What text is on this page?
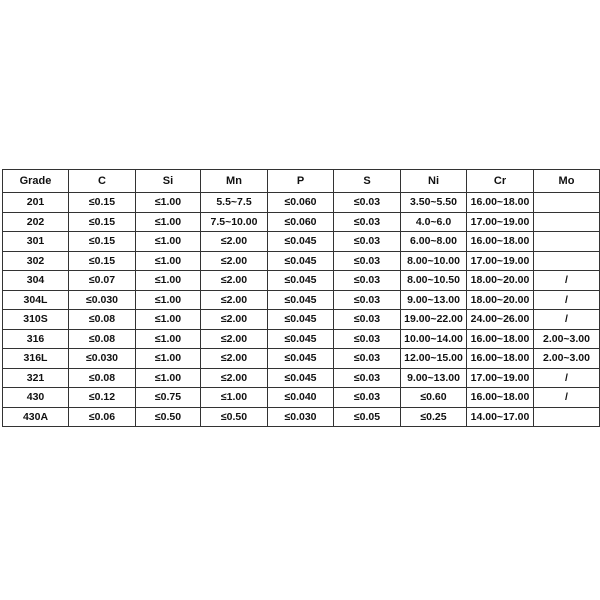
Grade	C	Si	Mn	P	S	Ni	Cr	Mo
201	≤0.15	≤1.00	5.5~7.5	≤0.060	≤0.03	3.50~5.50	16.00~18.00	
202	≤0.15	≤1.00	7.5~10.00	≤0.060	≤0.03	4.0~6.0	17.00~19.00	
301	≤0.15	≤1.00	≤2.00	≤0.045	≤0.03	6.00~8.00	16.00~18.00	
302	≤0.15	≤1.00	≤2.00	≤0.045	≤0.03	8.00~10.00	17.00~19.00	
304	≤0.07	≤1.00	≤2.00	≤0.045	≤0.03	8.00~10.50	18.00~20.00	/
304L	≤0.030	≤1.00	≤2.00	≤0.045	≤0.03	9.00~13.00	18.00~20.00	/
310S	≤0.08	≤1.00	≤2.00	≤0.045	≤0.03	19.00~22.00	24.00~26.00	/
316	≤0.08	≤1.00	≤2.00	≤0.045	≤0.03	10.00~14.00	16.00~18.00	2.00~3.00
316L	≤0.030	≤1.00	≤2.00	≤0.045	≤0.03	12.00~15.00	16.00~18.00	2.00~3.00
321	≤0.08	≤1.00	≤2.00	≤0.045	≤0.03	9.00~13.00	17.00~19.00	/
430	≤0.12	≤0.75	≤1.00	≤0.040	≤0.03	≤0.60	16.00~18.00	/
430A	≤0.06	≤0.50	≤0.50	≤0.030	≤0.05	≤0.25	14.00~17.00	
